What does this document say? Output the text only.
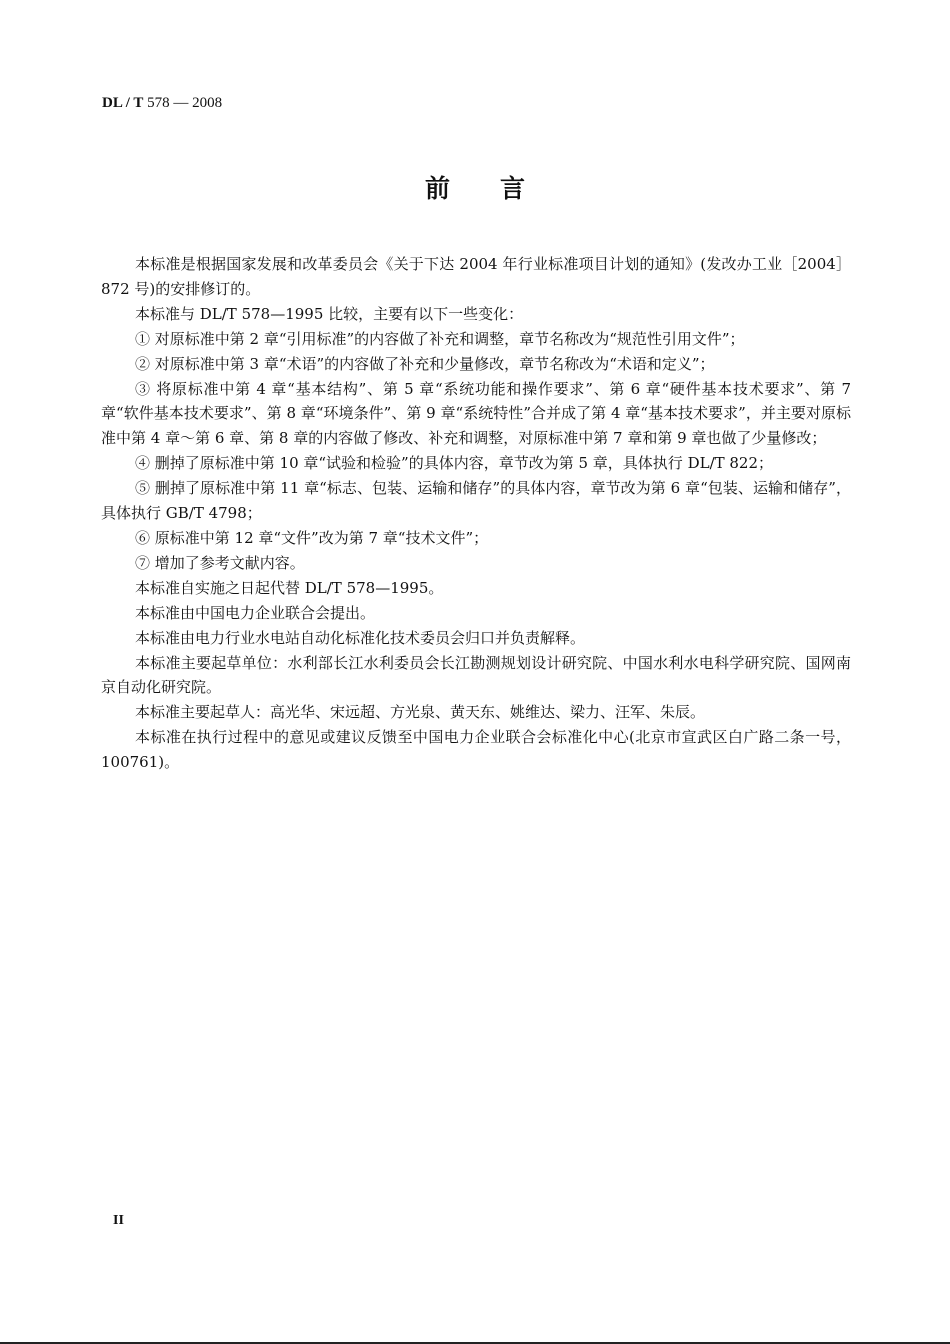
DL / T 578 — 2008
前言

本标准是根据国家发展和改革委员会《关于下达 2004 年行业标准项目计划的通知》(发改办工业［2004］872 号)的安排修订的。

本标准与 DL/T 578—1995 比较，主要有以下一些变化：

① 对原标准中第 2 章“引用标准”的内容做了补充和调整，章节名称改为“规范性引用文件”；

② 对原标准中第 3 章“术语”的内容做了补充和少量修改，章节名称改为“术语和定义”；

③ 将原标准中第 4 章“基本结构”、第 5 章“系统功能和操作要求”、第 6 章“硬件基本技术要求”、第 7 章“软件基本技术要求”、第 8 章“环境条件”、第 9 章“系统特性”合并成了第 4 章“基本技术要求”，并主要对原标准中第 4 章～第 6 章、第 8 章的内容做了修改、补充和调整，对原标准中第 7 章和第 9 章也做了少量修改；

④ 删掉了原标准中第 10 章“试验和检验”的具体内容，章节改为第 5 章，具体执行 DL/T 822；

⑤ 删掉了原标准中第 11 章“标志、包装、运输和储存”的具体内容，章节改为第 6 章“包装、运输和储存”，具体执行 GB/T 4798；

⑥ 原标准中第 12 章“文件”改为第 7 章“技术文件”；

⑦ 增加了参考文献内容。

本标准自实施之日起代替 DL/T 578—1995。

本标准由中国电力企业联合会提出。

本标准由电力行业水电站自动化标准化技术委员会归口并负责解释。

本标准主要起草单位：水利部长江水利委员会长江勘测规划设计研究院、中国水利水电科学研究院、国网南京自动化研究院。

本标准主要起草人：高光华、宋远超、方光泉、黄天东、姚维达、梁力、汪军、朱辰。

本标准在执行过程中的意见或建议反馈至中国电力企业联合会标准化中心(北京市宣武区白广路二条一号，100761)。

II
